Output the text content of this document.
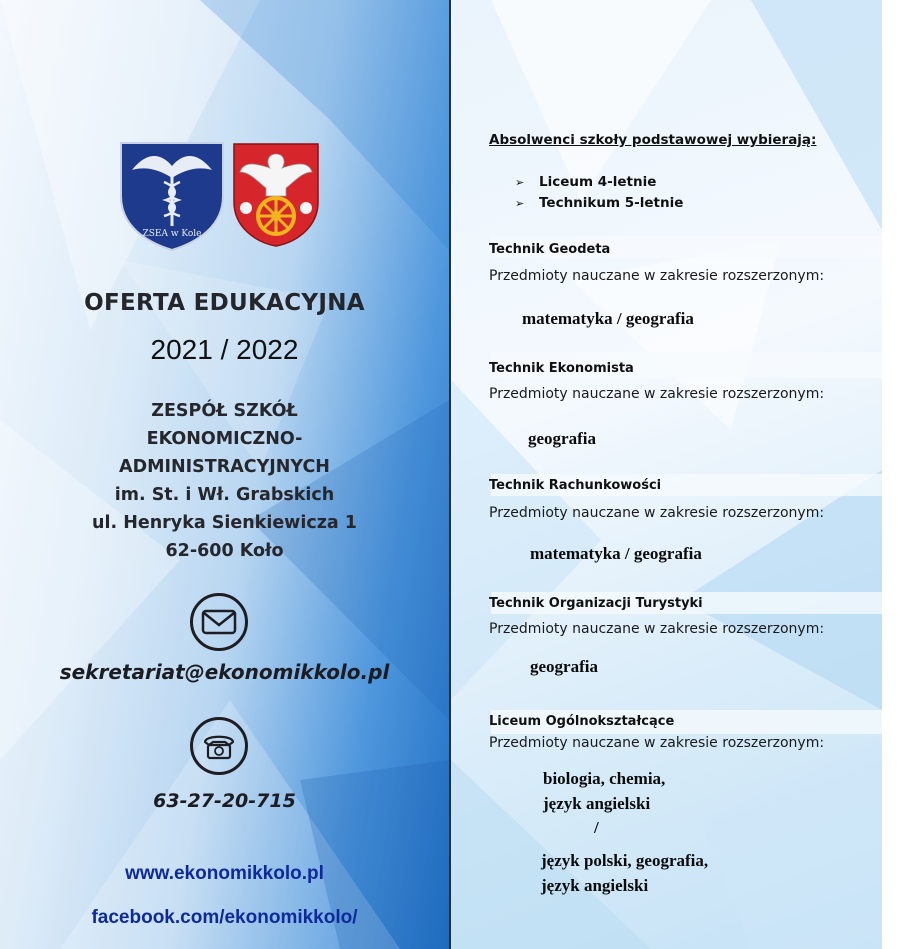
ZSEA w Kole
OFERTA EDUKACYJNA
2021 / 2022
ZESPÓŁ SZKÓŁ
EKONOMICZNO-
ADMINISTRACYJNYCH
im. St. i Wł. Grabskich
ul. Henryka Sienkiewicza 1
62-600 Koło
sekretariat@ekonomikkolo.pl
63-27-20-715
www.ekonomikkolo.pl
facebook.com/ekonomikkolo/
Absolwenci szkoły podstawowej wybierają:
➢ Liceum 4-letnie
➢ Technikum 5-letnie
Technik Geodeta
Przedmioty nauczane w zakresie rozszerzonym:
matematyka / geografia
Technik Ekonomista
Przedmioty nauczane w zakresie rozszerzonym:
geografia
Technik Rachunkowości
Przedmioty nauczane w zakresie rozszerzonym:
matematyka / geografia
Technik Organizacji Turystyki
Przedmioty nauczane w zakresie rozszerzonym:
geografia
Liceum Ogólnokształcące
Przedmioty nauczane w zakresie rozszerzonym:
biologia, chemia,
język angielski
/
język polski, geografia,
język angielski
